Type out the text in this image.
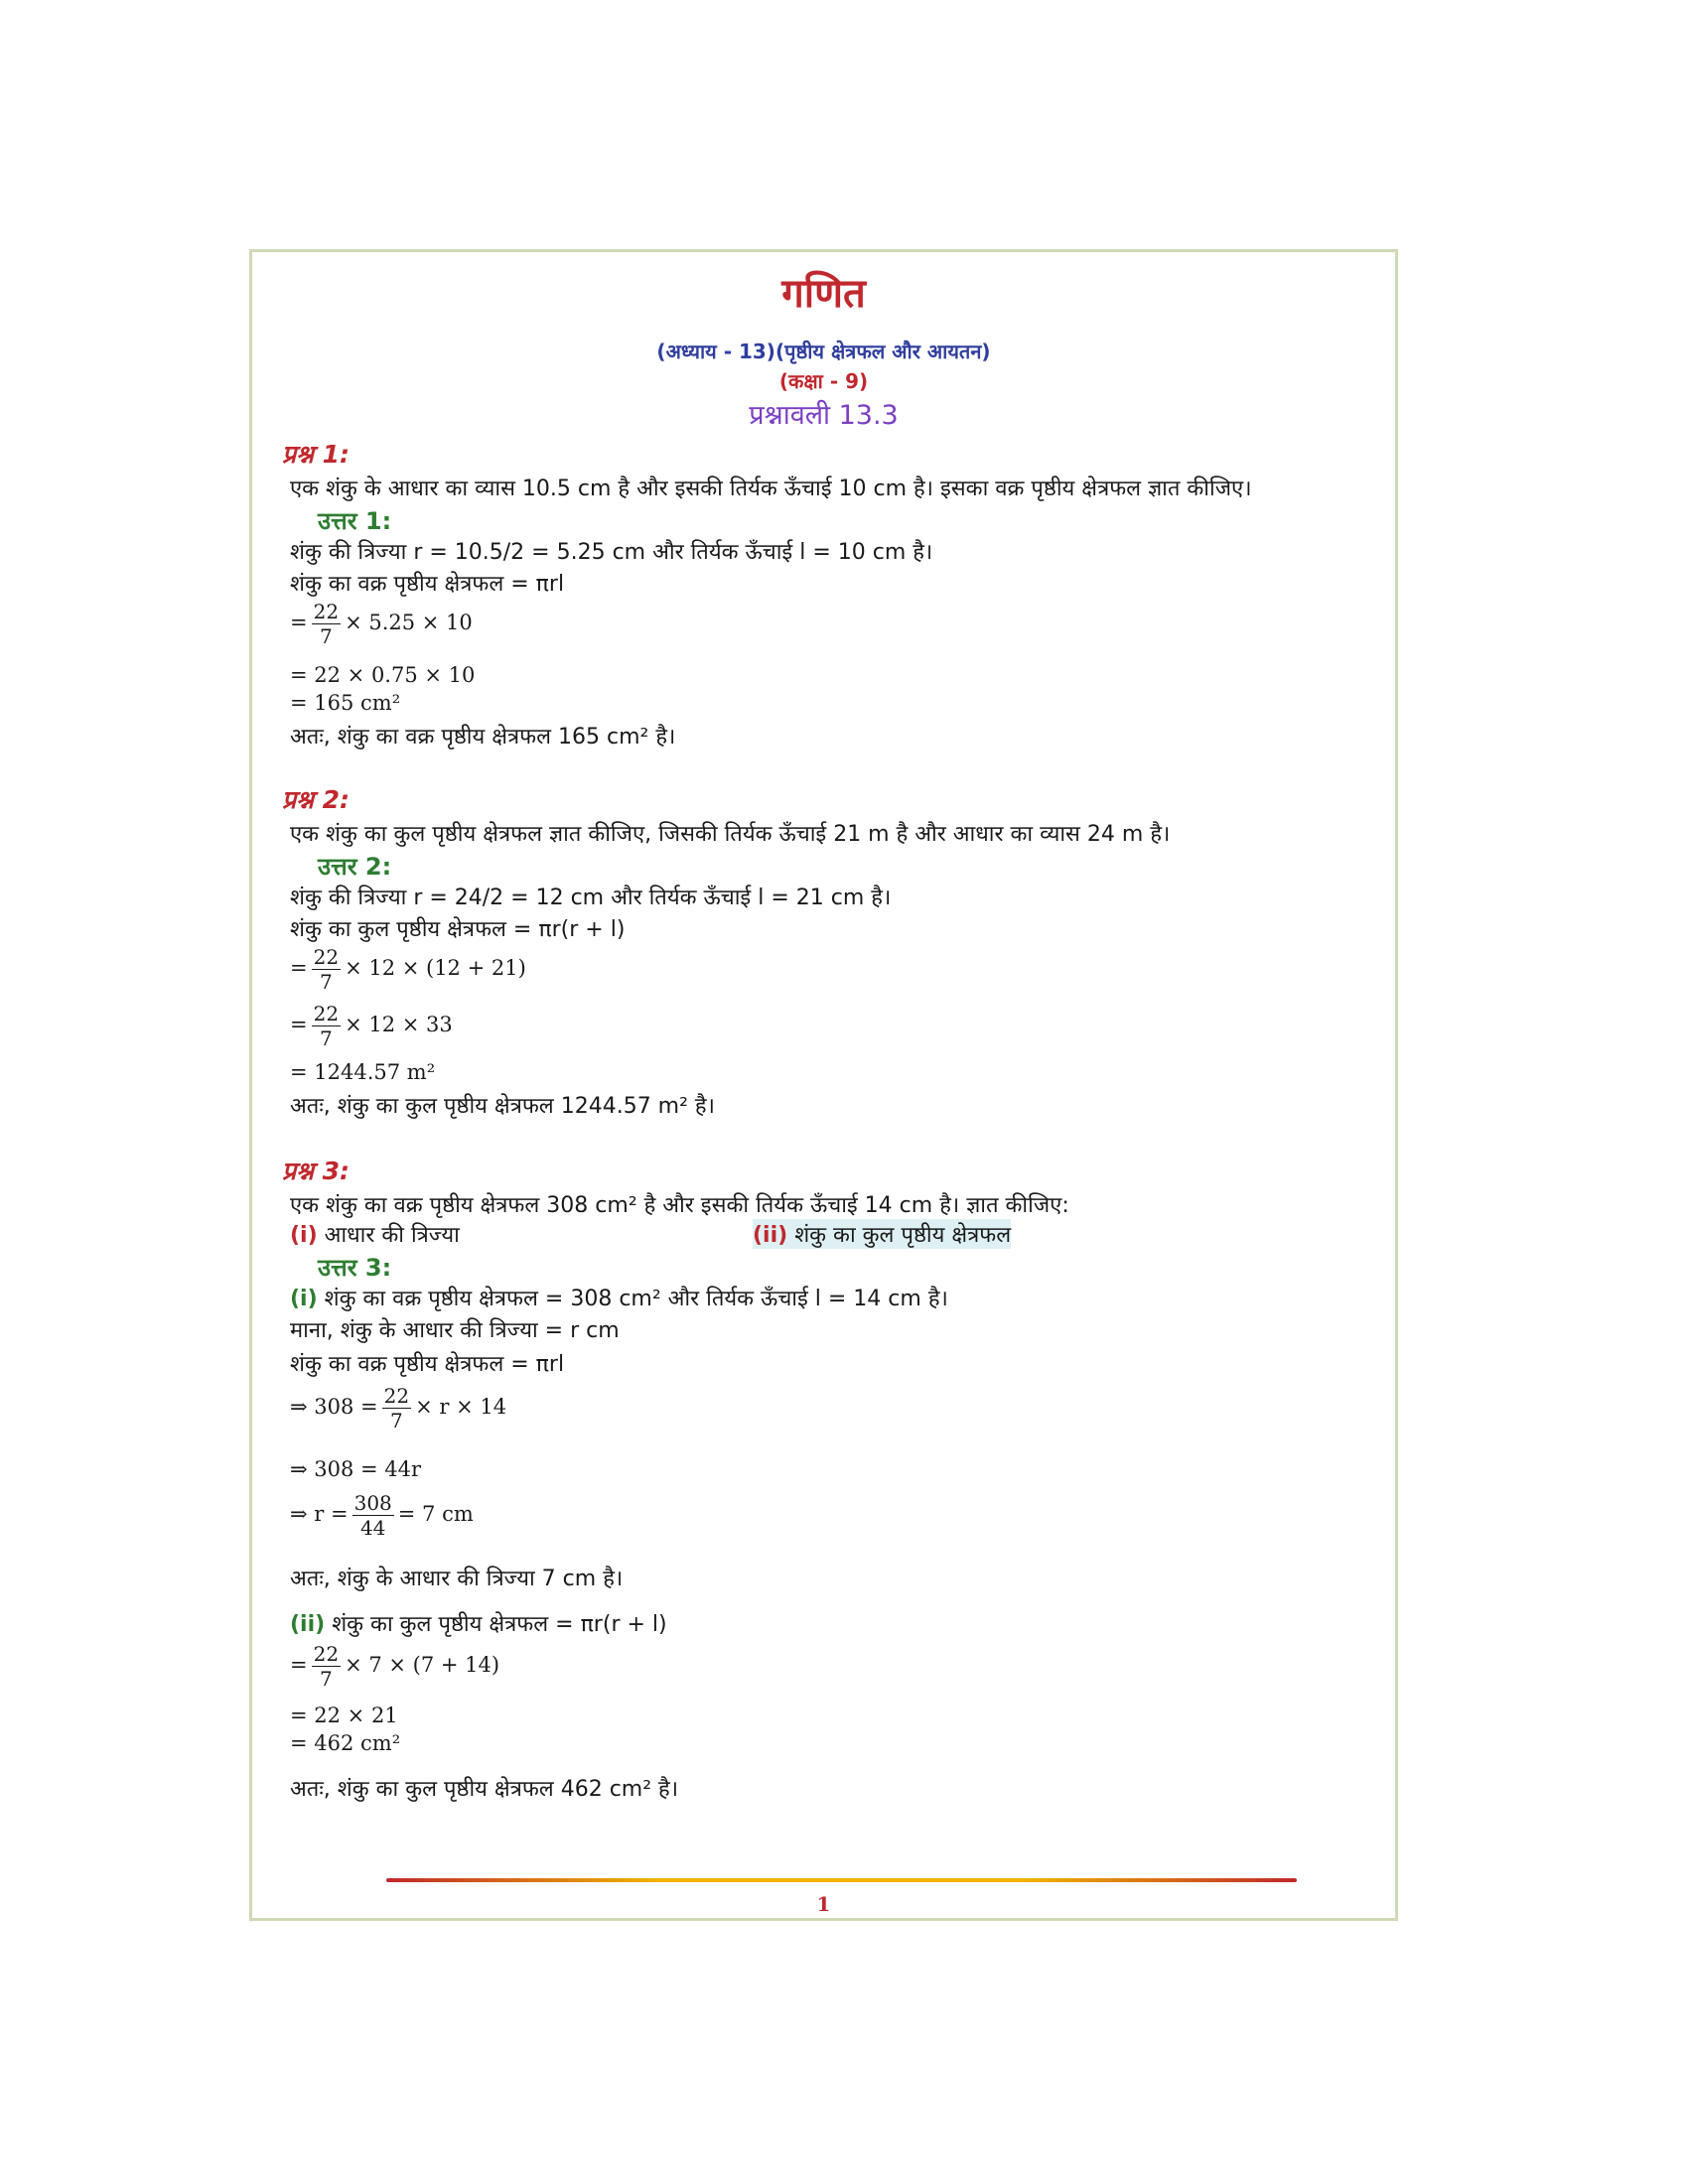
गणित
(अध्याय - 13)(पृष्ठीय क्षेत्रफल और आयतन)
(कक्षा - 9)
प्रश्नावली 13.3
प्रश्न 1:
एक शंकु के आधार का व्यास 10.5 cm है और इसकी तिर्यक ऊँचाई 10 cm है। इसका वक्र पृष्ठीय क्षेत्रफल ज्ञात कीजिए।
उत्तर 1:
शंकु की त्रिज्या r = 10.5/2 = 5.25 cm और तिर्यक ऊँचाई l = 10 cm है।
शंकु का वक्र पृष्ठीय क्षेत्रफल = πrl
= $\frac{22}{7} \times 5.25 \times 10$
= 22 × 0.75 × 10
= 165 cm²
अतः, शंकु का वक्र पृष्ठीय क्षेत्रफल 165 cm² है।
प्रश्न 2:
एक शंकु का कुल पृष्ठीय क्षेत्रफल ज्ञात कीजिए, जिसकी तिर्यक ऊँचाई 21 m है और आधार का व्यास 24 m है।
उत्तर 2:
शंकु की त्रिज्या r = 24/2 = 12 cm और तिर्यक ऊँचाई l = 21 cm है।
शंकु का कुल पृष्ठीय क्षेत्रफल = πr(r + l)
= $\frac{22}{7} \times 12 \times (12 + 21)$
= $\frac{22}{7} \times 12 \times 33$
= 1244.57 m²
अतः, शंकु का कुल पृष्ठीय क्षेत्रफल 1244.57 m² है।
प्रश्न 3:
एक शंकु का वक्र पृष्ठीय क्षेत्रफल 308 cm² है और इसकी तिर्यक ऊँचाई 14 cm है। ज्ञात कीजिए:
(i) आधार की त्रिज्या	(ii) शंकु का कुल पृष्ठीय क्षेत्रफल
उत्तर 3:
(i) शंकु का वक्र पृष्ठीय क्षेत्रफल = 308 cm² और तिर्यक ऊँचाई l = 14 cm है।
माना, शंकु के आधार की त्रिज्या = r cm
शंकु का वक्र पृष्ठीय क्षेत्रफल = πrl
⇒ $308 = \frac{22}{7} \times r \times 14$
⇒ 308 = 44r
⇒ $r = \frac{308}{44} = 7$ cm
अतः, शंकु के आधार की त्रिज्या 7 cm है।
(ii) शंकु का कुल पृष्ठीय क्षेत्रफल = πr(r + l)
= $\frac{22}{7} \times 7 \times (7 + 14)$
= 22 × 21
= 462 cm²
अतः, शंकु का कुल पृष्ठीय क्षेत्रफल 462 cm² है।
1
